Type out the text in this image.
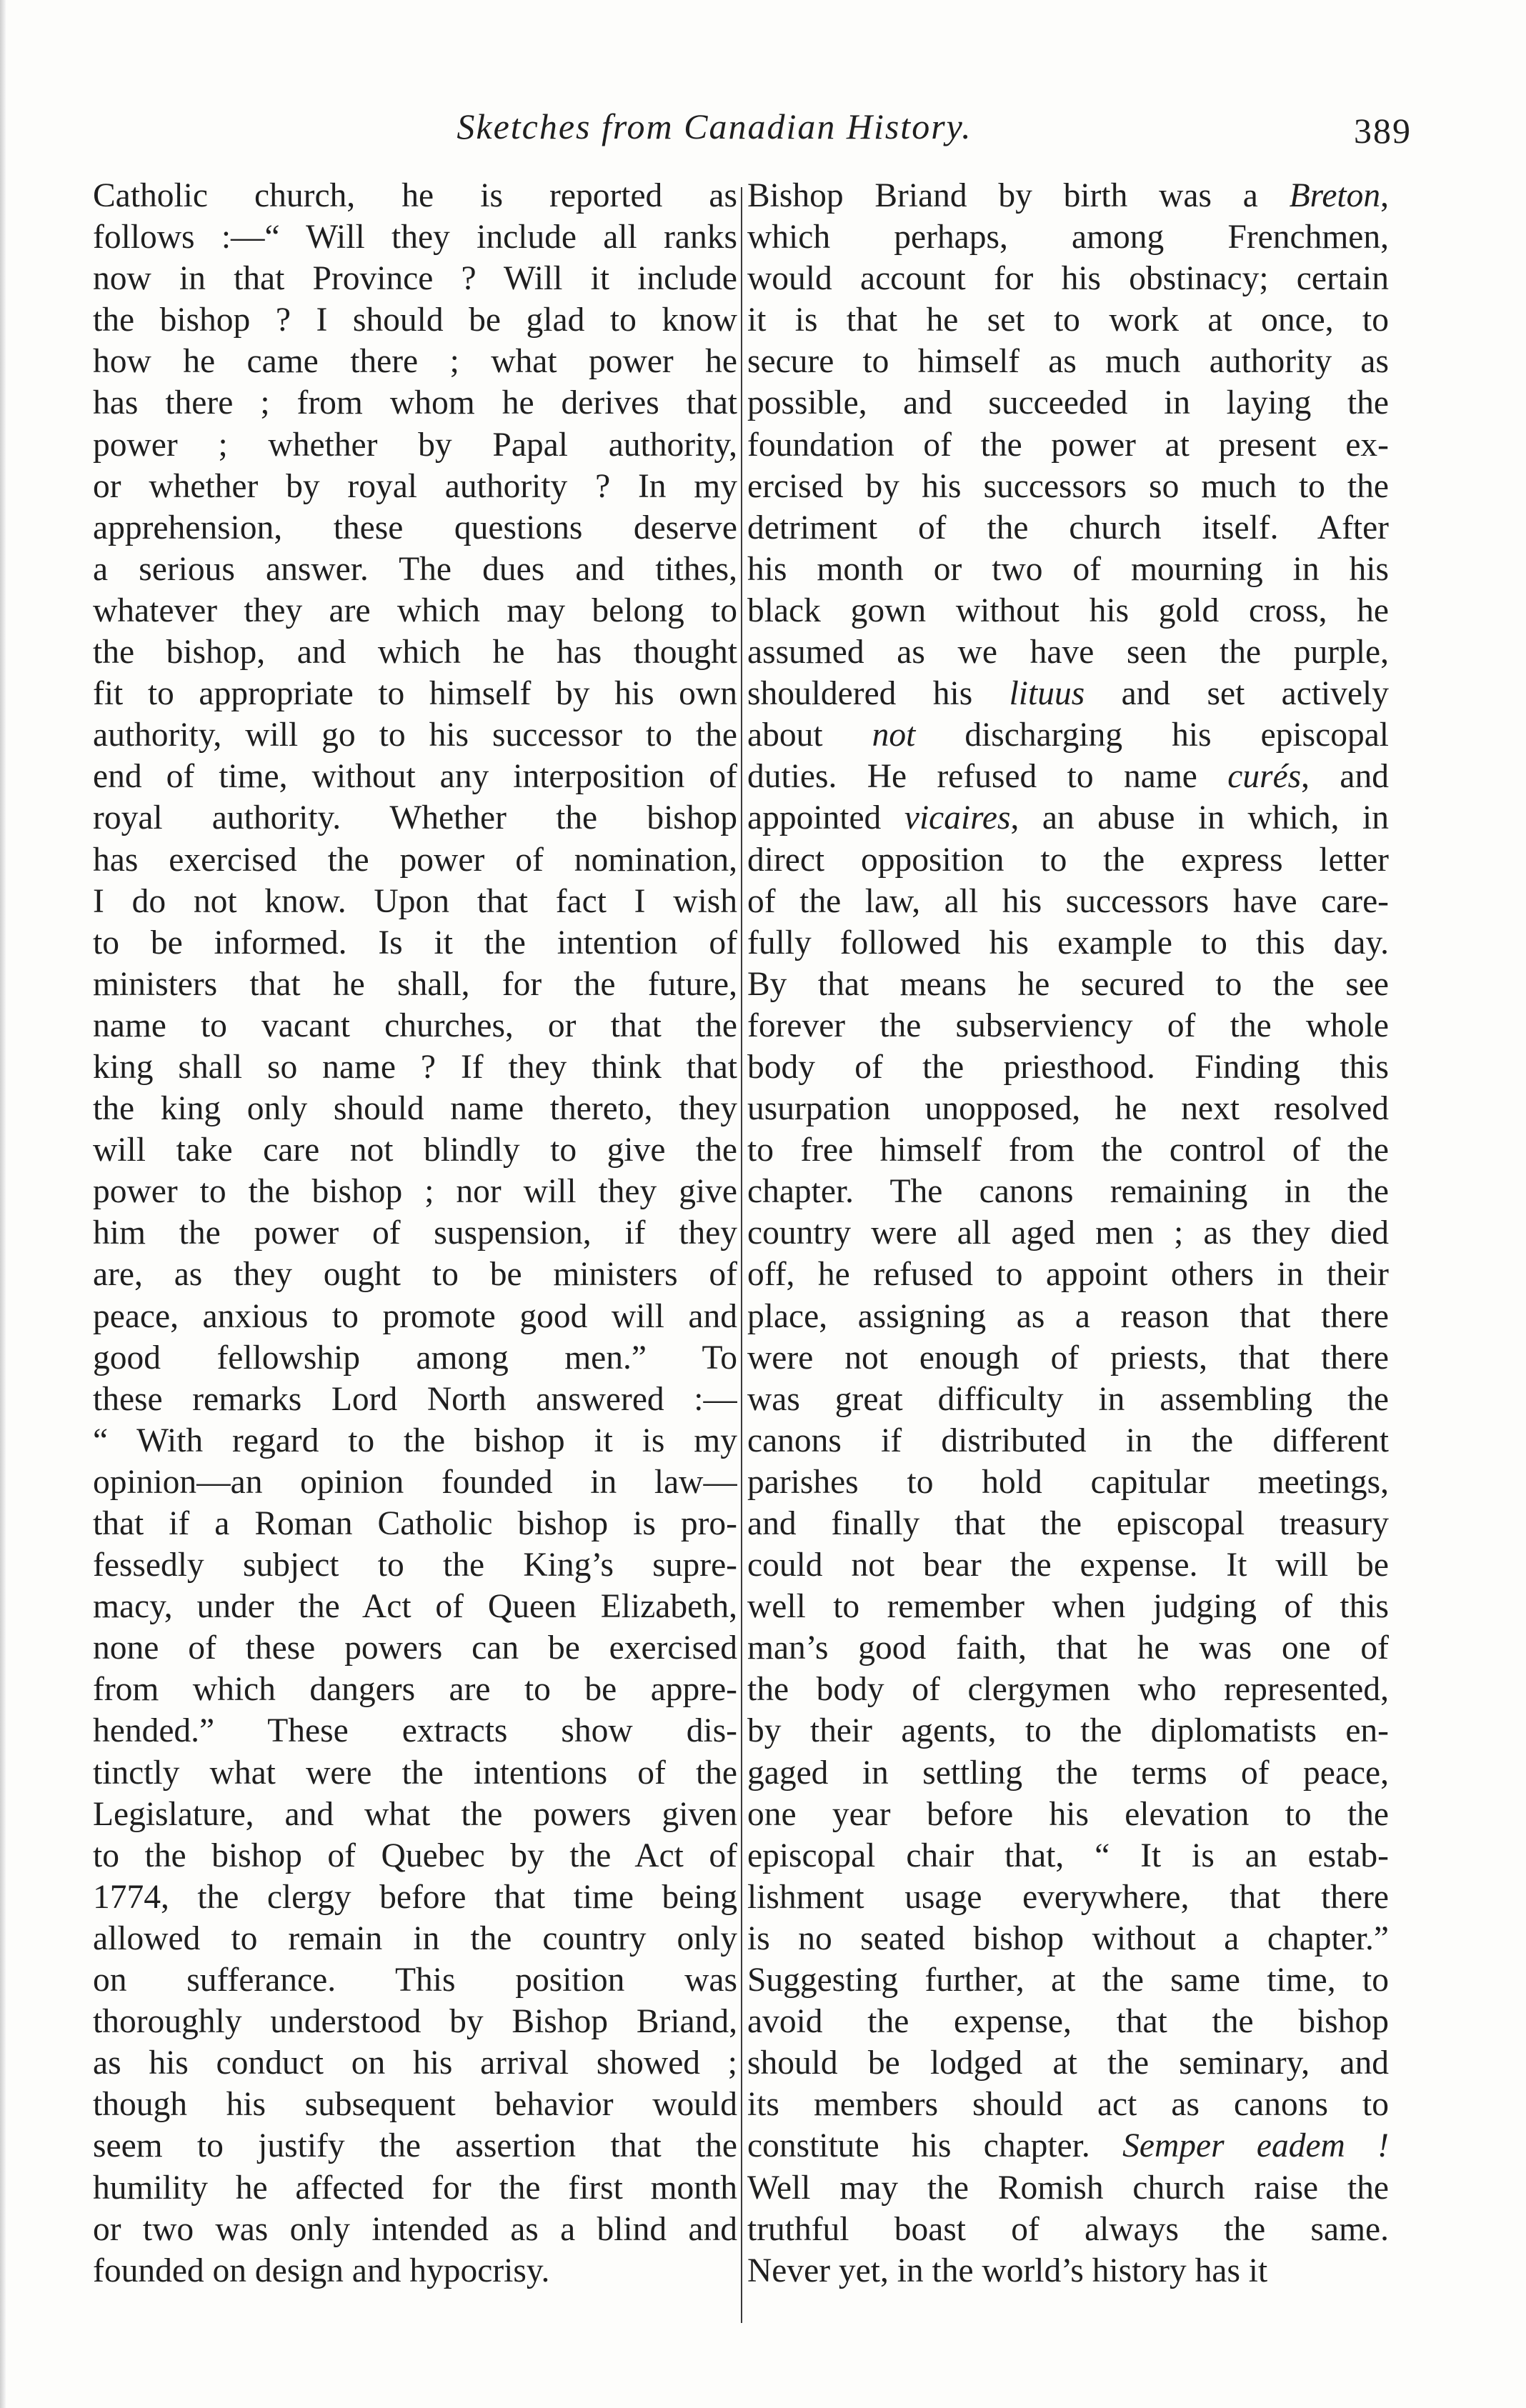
Sketches from Canadian History.	389
Catholic church, he is reported as
follows :—“ Will they include all ranks
now in that Province ? Will it include
the bishop ? I should be glad to know
how he came there ; what power he
has there ; from whom he derives that
power ; whether by Papal authority,
or whether by royal authority ? In my
apprehension, these questions deserve
a serious answer. The dues and tithes,
whatever they are which may belong to
the bishop, and which he has thought
fit to appropriate to himself by his own
authority, will go to his successor to the
end of time, without any interposition of
royal authority. Whether the bishop
has exercised the power of nomination,
I do not know. Upon that fact I wish
to be informed. Is it the intention of
ministers that he shall, for the future,
name to vacant churches, or that the
king shall so name ? If they think that
the king only should name thereto, they
will take care not blindly to give the
power to the bishop ; nor will they give
him the power of suspension, if they
are, as they ought to be ministers of
peace, anxious to promote good will and
good fellowship among men.” To
these remarks Lord North answered :—
“ With regard to the bishop it is my
opinion—an opinion founded in law—
that if a Roman Catholic bishop is pro-
fessedly subject to the King’s supre-
macy, under the Act of Queen Elizabeth,
none of these powers can be exercised
from which dangers are to be appre-
hended.” These extracts show dis-
tinctly what were the intentions of the
Legislature, and what the powers given
to the bishop of Quebec by the Act of
1774, the clergy before that time being
allowed to remain in the country only
on sufferance. This position was
thoroughly understood by Bishop Briand,
as his conduct on his arrival showed ;
though his subsequent behavior would
seem to justify the assertion that the
humility he affected for the first month
or two was only intended as a blind and
founded on design and hypocrisy.
Bishop Briand by birth was a Breton,
which perhaps, among Frenchmen,
would account for his obstinacy; certain
it is that he set to work at once, to
secure to himself as much authority as
possible, and succeeded in laying the
foundation of the power at present ex-
ercised by his successors so much to the
detriment of the church itself. After
his month or two of mourning in his
black gown without his gold cross, he
assumed as we have seen the purple,
shouldered his lituus and set actively
about not discharging his episcopal
duties. He refused to name curés, and
appointed vicaires, an abuse in which, in
direct opposition to the express letter
of the law, all his successors have care-
fully followed his example to this day.
By that means he secured to the see
forever the subserviency of the whole
body of the priesthood. Finding this
usurpation unopposed, he next resolved
to free himself from the control of the
chapter. The canons remaining in the
country were all aged men ; as they died
off, he refused to appoint others in their
place, assigning as a reason that there
were not enough of priests, that there
was great difficulty in assembling the
canons if distributed in the different
parishes to hold capitular meetings,
and finally that the episcopal treasury
could not bear the expense. It will be
well to remember when judging of this
man’s good faith, that he was one of
the body of clergymen who represented,
by their agents, to the diplomatists en-
gaged in settling the terms of peace,
one year before his elevation to the
episcopal chair that, “ It is an estab-
lishment usage everywhere, that there
is no seated bishop without a chapter.”
Suggesting further, at the same time, to
avoid the expense, that the bishop
should be lodged at the seminary, and
its members should act as canons to
constitute his chapter. Semper eadem !
Well may the Romish church raise the
truthful boast of always the same.
Never yet, in the world’s history has it
